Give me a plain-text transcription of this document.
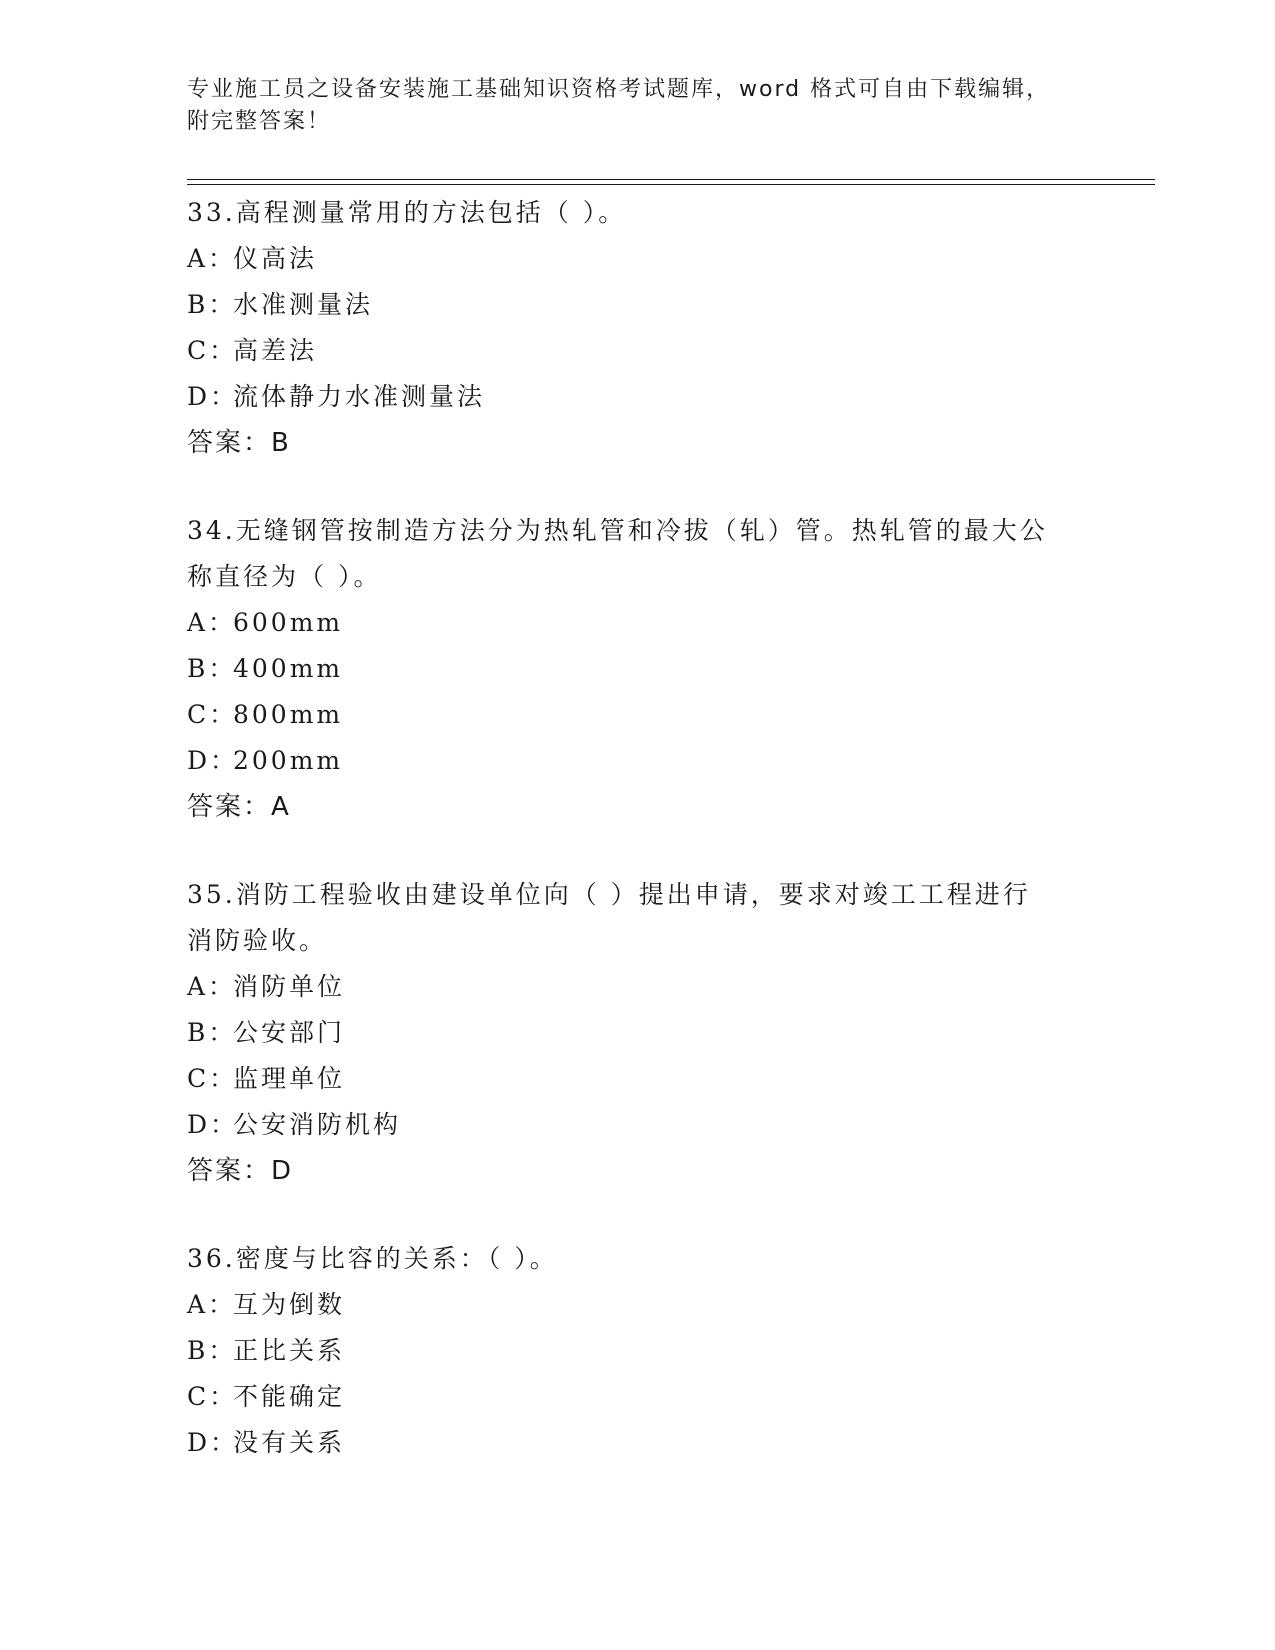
专业施工员之设备安装施工基础知识资格考试题库，word 格式可自由下载编辑，
附完整答案！
33.高程测量常用的方法包括（ ）。
A：仪高法
B：水准测量法
C：高差法
D：流体静力水准测量法
答案：B
34.无缝钢管按制造方法分为热轧管和冷拔（轧）管。热轧管的最大公
称直径为（ ）。
A：600mm
B：400mm
C：800mm
D：200mm
答案：A
35.消防工程验收由建设单位向（ ）提出申请，要求对竣工工程进行
消防验收。
A：消防单位
B：公安部门
C：监理单位
D：公安消防机构
答案：D
36.密度与比容的关系：（ ）。
A：互为倒数
B：正比关系
C：不能确定
D：没有关系
